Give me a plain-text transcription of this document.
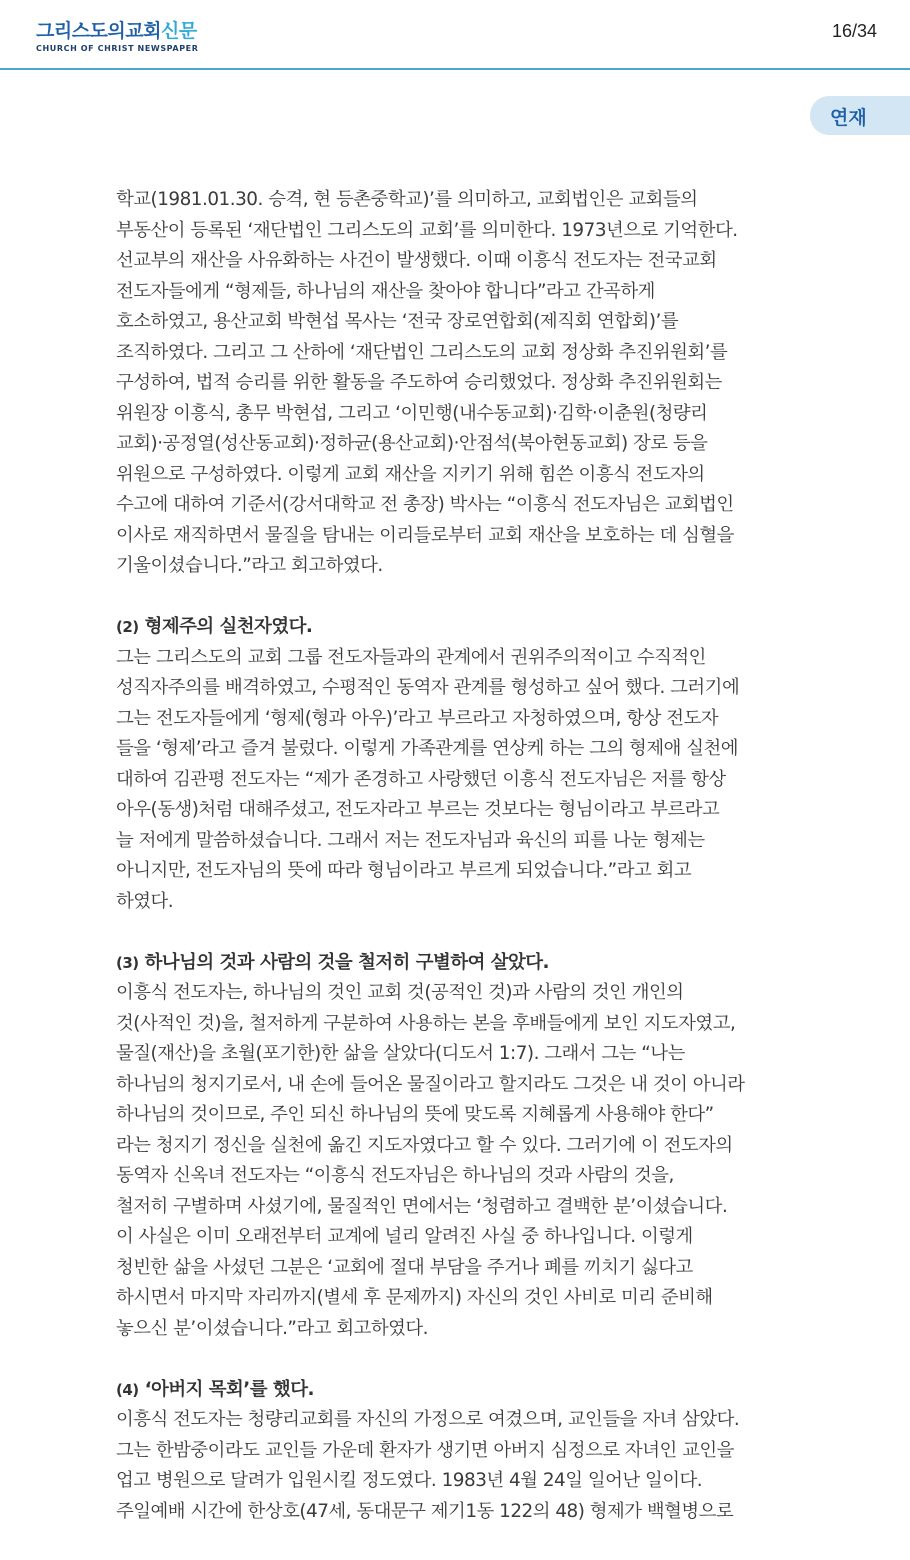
그리스도의교회신문
CHURCH OF CHRIST NEWSPAPER
16/34
연재

학교(1981.01.30. 승격, 현 등촌중학교)’를 의미하고, 교회법인은 교회들의

부동산이 등록된 ‘재단법인 그리스도의 교회’를 의미한다. 1973년으로 기억한다.

선교부의 재산을 사유화하는 사건이 발생했다. 이때 이흥식 전도자는 전국교회

전도자들에게 “형제들, 하나님의 재산을 찾아야 합니다”라고 간곡하게

호소하였고, 용산교회 박현섭 목사는 ‘전국 장로연합회(제직회 연합회)’를

조직하였다. 그리고 그 산하에 ‘재단법인 그리스도의 교회 정상화 추진위원회’를

구성하여, 법적 승리를 위한 활동을 주도하여 승리했었다. 정상화 추진위원회는

위원장 이흥식, 총무 박현섭, 그리고 ‘이민행(내수동교회)·김학·이춘원(청량리

교회)·공정열(성산동교회)·정하균(용산교회)·안점석(북아현동교회) 장로 등을

위원으로 구성하였다. 이렇게 교회 재산을 지키기 위해 힘쓴 이흥식 전도자의

수고에 대하여 기준서(강서대학교 전 총장) 박사는 “이흥식 전도자님은 교회법인

이사로 재직하면서 물질을 탐내는 이리들로부터 교회 재산을 보호하는 데 심혈을

기울이셨습니다.”라고 회고하였다.

(2) 형제주의 실천자였다.

그는 그리스도의 교회 그룹 전도자들과의 관계에서 권위주의적이고 수직적인

성직자주의를 배격하였고, 수평적인 동역자 관계를 형성하고 싶어 했다. 그러기에

그는 전도자들에게 ‘형제(형과 아우)’라고 부르라고 자청하였으며, 항상 전도자

들을 ‘형제’라고 즐겨 불렀다. 이렇게 가족관계를 연상케 하는 그의 형제애 실천에

대하여 김관평 전도자는 “제가 존경하고 사랑했던 이흥식 전도자님은 저를 항상

아우(동생)처럼 대해주셨고, 전도자라고 부르는 것보다는 형님이라고 부르라고

늘 저에게 말씀하셨습니다. 그래서 저는 전도자님과 육신의 피를 나눈 형제는

아니지만, 전도자님의 뜻에 따라 형님이라고 부르게 되었습니다.”라고 회고

하였다.

(3) 하나님의 것과 사람의 것을 철저히 구별하여 살았다.

이흥식 전도자는, 하나님의 것인 교회 것(공적인 것)과 사람의 것인 개인의

것(사적인 것)을, 철저하게 구분하여 사용하는 본을 후배들에게 보인 지도자였고,

물질(재산)을 초월(포기한)한 삶을 살았다(디도서 1:7). 그래서 그는 “나는

하나님의 청지기로서, 내 손에 들어온 물질이라고 할지라도 그것은 내 것이 아니라

하나님의 것이므로, 주인 되신 하나님의 뜻에 맞도록 지혜롭게 사용해야 한다”

라는 청지기 정신을 실천에 옮긴 지도자였다고 할 수 있다. 그러기에 이 전도자의

동역자 신옥녀 전도자는 “이흥식 전도자님은 하나님의 것과 사람의 것을,

철저히 구별하며 사셨기에, 물질적인 면에서는 ‘청렴하고 결백한 분’이셨습니다.

이 사실은 이미 오래전부터 교계에 널리 알려진 사실 중 하나입니다. 이렇게

청빈한 삶을 사셨던 그분은 ‘교회에 절대 부담을 주거나 폐를 끼치기 싫다고

하시면서 마지막 자리까지(별세 후 문제까지) 자신의 것인 사비로 미리 준비해

놓으신 분’이셨습니다.”라고 회고하였다.

(4) ‘아버지 목회’를 했다.

이흥식 전도자는 청량리교회를 자신의 가정으로 여겼으며, 교인들을 자녀 삼았다.

그는 한밤중이라도 교인들 가운데 환자가 생기면 아버지 심정으로 자녀인 교인을

업고 병원으로 달려가 입원시킬 정도였다. 1983년 4월 24일 일어난 일이다.

주일예배 시간에 한상호(47세, 동대문구 제기1동 122의 48) 형제가 백혈병으로
